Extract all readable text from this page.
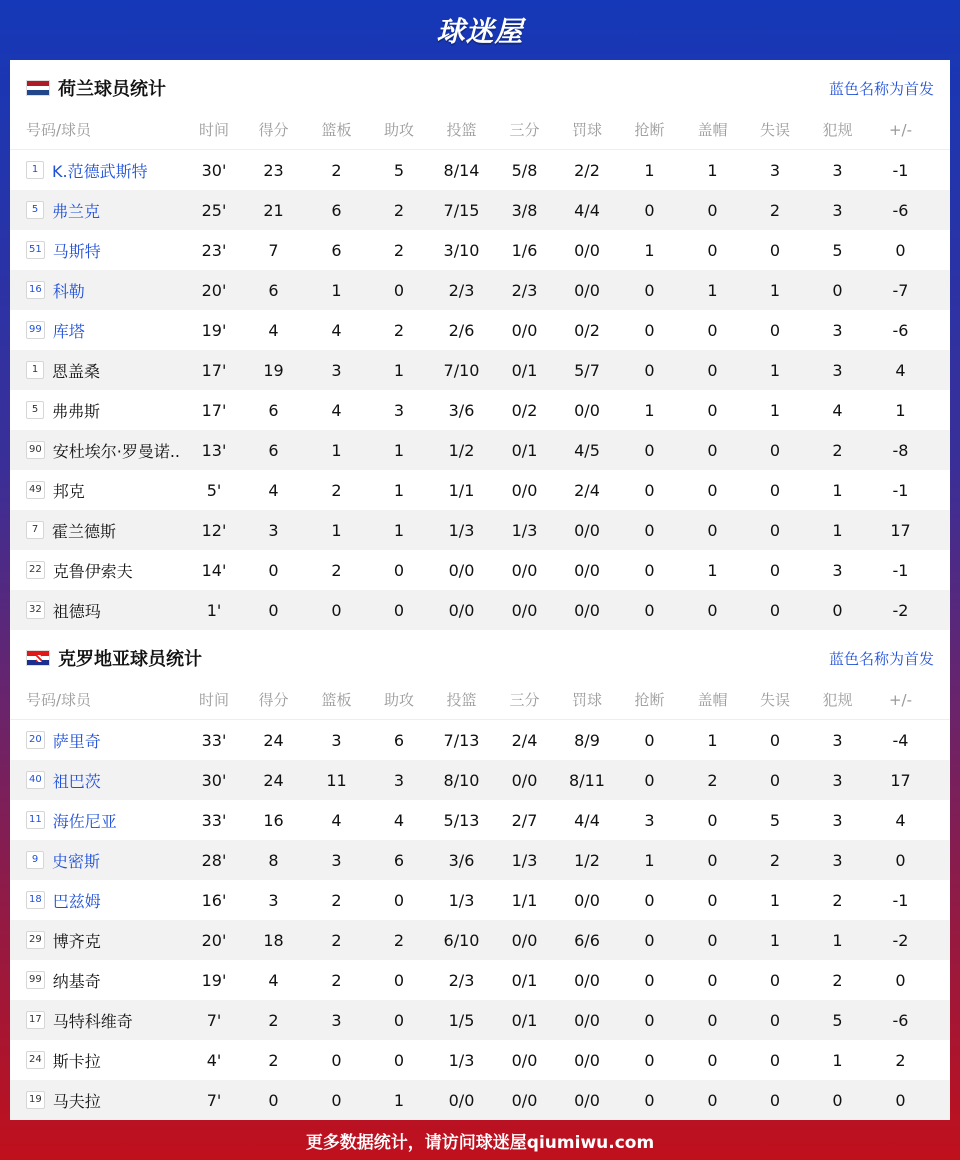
球迷屋
荷兰球员统计	蓝色名称为首发
号码/球员	时间	得分	篮板	助攻	投篮	三分	罚球	抢断	盖帽	失误	犯规	+/-
1 K.范德武斯特	30'	23	2	5	8/14	5/8	2/2	1	1	3	3	-1
5 弗兰克	25'	21	6	2	7/15	3/8	4/4	0	0	2	3	-6
51 马斯特	23'	7	6	2	3/10	1/6	0/0	1	0	0	5	0
16 科勒	20'	6	1	0	2/3	2/3	0/0	0	1	1	0	-7
99 库塔	19'	4	4	2	2/6	0/0	0/2	0	0	0	3	-6
1 恩盖桑	17'	19	3	1	7/10	0/1	5/7	0	0	1	3	4
5 弗弗斯	17'	6	4	3	3/6	0/2	0/0	1	0	1	4	1
90 安杜埃尔·罗曼诺..	13'	6	1	1	1/2	0/1	4/5	0	0	0	2	-8
49 邦克	5'	4	2	1	1/1	0/0	2/4	0	0	0	1	-1
7 霍兰德斯	12'	3	1	1	1/3	1/3	0/0	0	0	0	1	17
22 克鲁伊索夫	14'	0	2	0	0/0	0/0	0/0	0	1	0	3	-1
32 祖德玛	1'	0	0	0	0/0	0/0	0/0	0	0	0	0	-2
克罗地亚球员统计	蓝色名称为首发
号码/球员	时间	得分	篮板	助攻	投篮	三分	罚球	抢断	盖帽	失误	犯规	+/-
20 萨里奇	33'	24	3	6	7/13	2/4	8/9	0	1	0	3	-4
40 祖巴茨	30'	24	11	3	8/10	0/0	8/11	0	2	0	3	17
11 海佐尼亚	33'	16	4	4	5/13	2/7	4/4	3	0	5	3	4
9 史密斯	28'	8	3	6	3/6	1/3	1/2	1	0	2	3	0
18 巴兹姆	16'	3	2	0	1/3	1/1	0/0	0	0	1	2	-1
29 博齐克	20'	18	2	2	6/10	0/0	6/6	0	0	1	1	-2
99 纳基奇	19'	4	2	0	2/3	0/1	0/0	0	0	0	2	0
17 马特科维奇	7'	2	3	0	1/5	0/1	0/0	0	0	0	5	-6
24 斯卡拉	4'	2	0	0	1/3	0/0	0/0	0	0	0	1	2
19 马夫拉	7'	0	0	1	0/0	0/0	0/0	0	0	0	0	0
更多数据统计，请访问球迷屋qiumiwu.com
